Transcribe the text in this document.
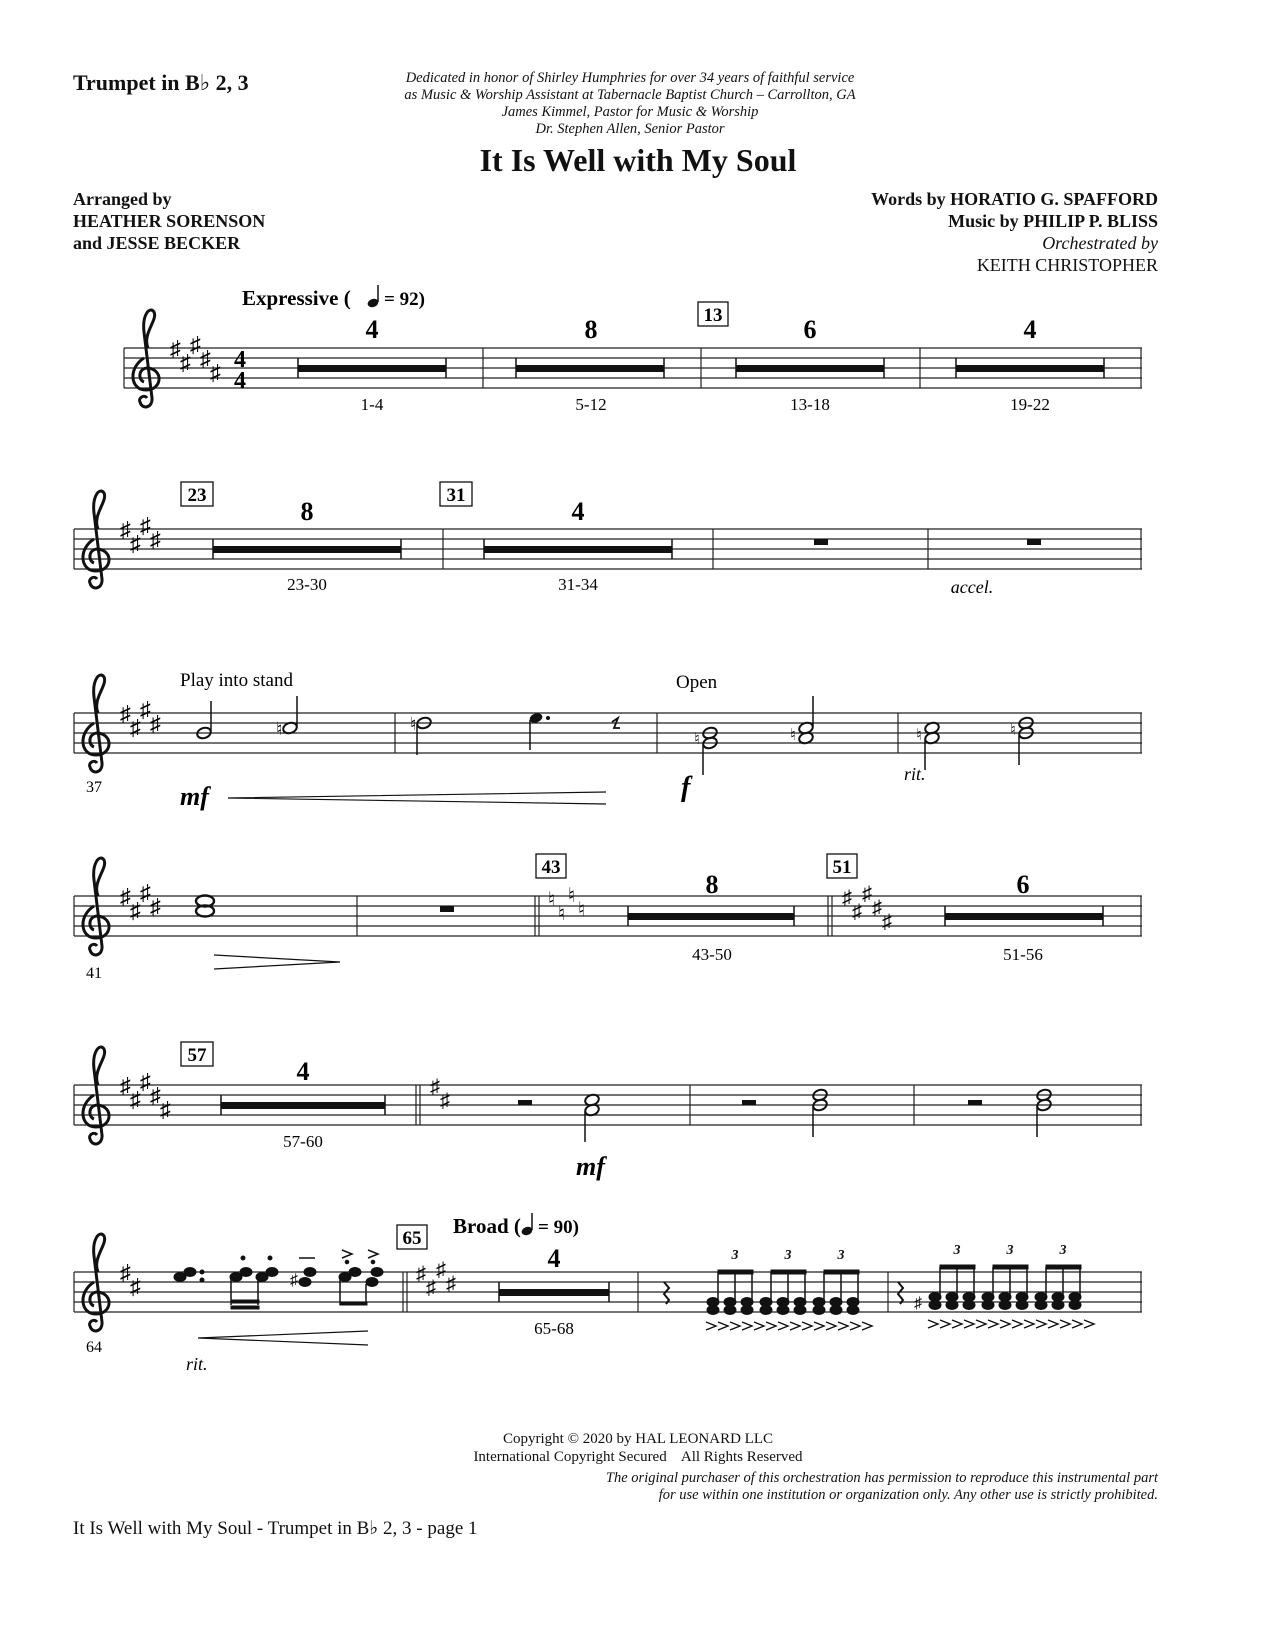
Trumpet in B♭ 2, 3	Dedicated in honor of Shirley Humphries for over 34 years of faithful service
as Music & Worship Assistant at Tabernacle Baptist Church – Carrollton, GA
James Kimmel, Pastor for Music & Worship
Dr. Stephen Allen, Senior Pastor
It Is Well with My Soul
Arranged by
HEATHER SORENSON
and JESSE BECKER
Words by HORATIO G. SPAFFORD
Music by PHILIP P. BLISS
Orchestrated by
KEITH CHRISTOPHER
♯
♯
♯
♯
♯ 4
4
Expressive ( = 92)
4
1-4
8
5-12
13	6
13-18
4
19-22
♯
♯
♯
♯
23
8
23-30
31
4
31-34	accel.
♯
♯
♯
♯
37
Play into stand	Open
♮	♮
♮	♮	♮	♮
mf	f	rit.
♯
♯
♯
♯
41
♮
♮
♮
♮
43
8
43-50
♯
♯
♯
♯
♯
51
6
51-56
♯
♯
♯
♯
♯
57
4
57-60
♯
♯
mf
♯
♯
64
♯
rit.
Broad ( = 90)
♯
♯
♯
♯
65
4
65-68
3	3	3
♯
3	3	3
Copyright © 2020 by HAL LEONARD LLC
International Copyright Secured    All Rights Reserved
The original purchaser of this orchestration has permission to reproduce this instrumental part
for use within one institution or organization only. Any other use is strictly prohibited.
It Is Well with My Soul - Trumpet in B♭ 2, 3 - page 1
